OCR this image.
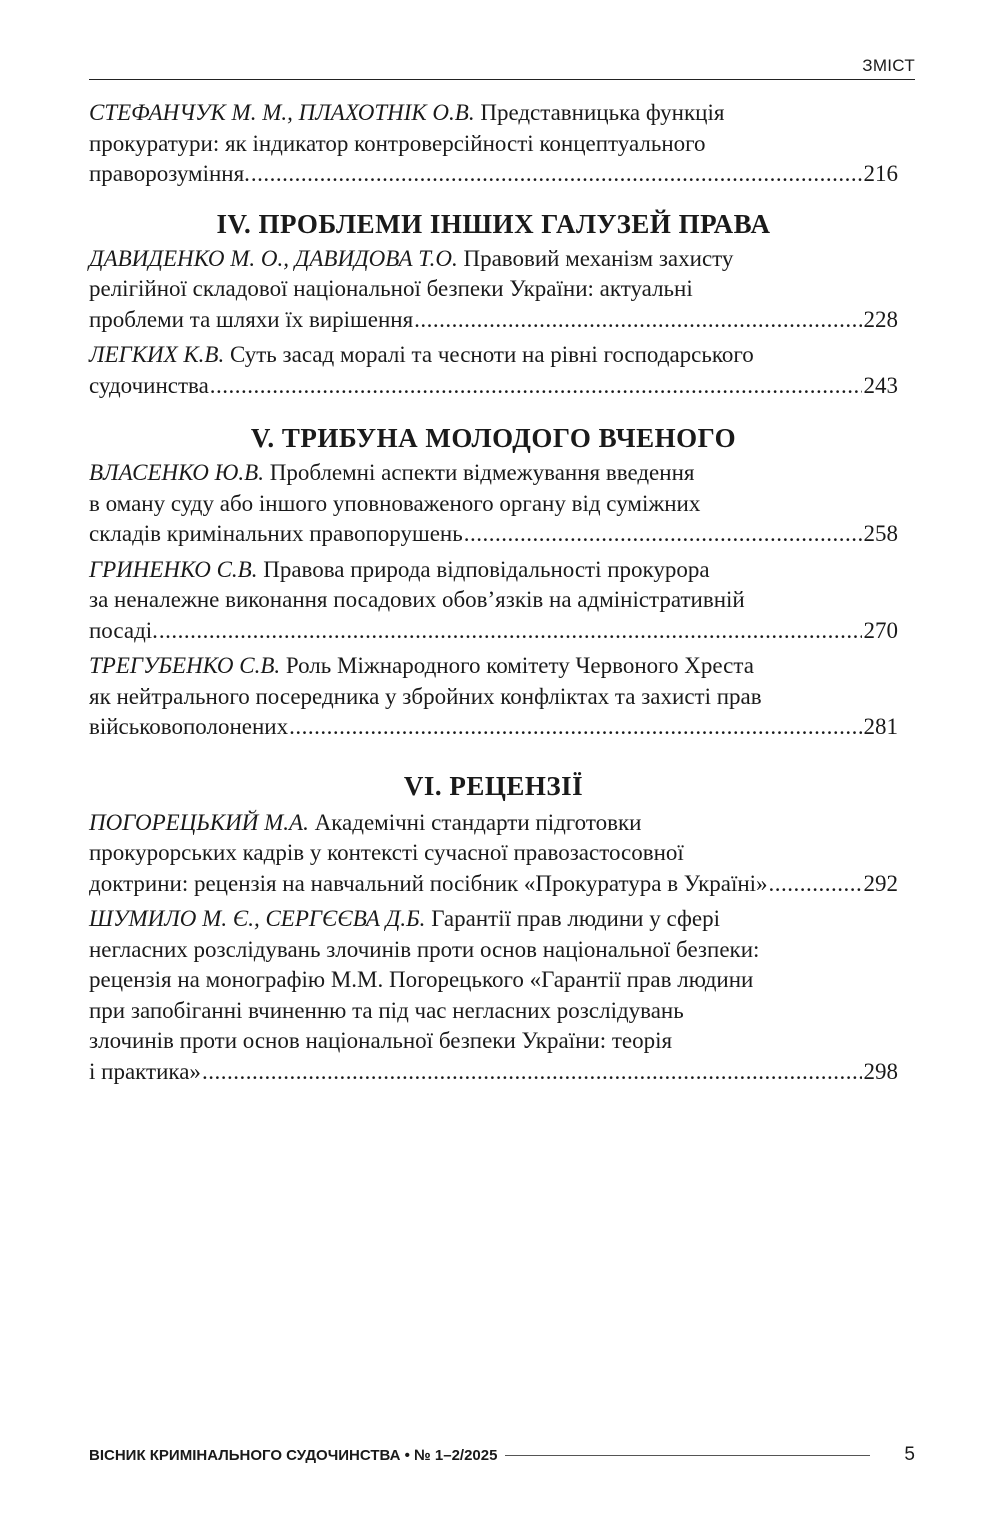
ЗМІСТ
СТЕФАНЧУК М. М., ПЛАХОТНІК О.В. Представницька функція
прокуратури: як індикатор контроверсійності концептуального
праворозуміння. .....	216
IV. ПРОБЛЕМИ ІНШИХ ГАЛУЗЕЙ ПРАВА
ДАВИДЕНКО М. О., ДАВИДОВА Т.О. Правовий механізм захисту
релігійної складової національної безпеки України: актуальні
проблеми та шляхи їх вирішення .....	228
ЛЕГКИХ К.В. Суть засад моралі та чесноти на рівні господарського
судочинства .....	243
V. ТРИБУНА МОЛОДОГО ВЧЕНОГО
ВЛАСЕНКО Ю.В. Проблемні аспекти відмежування введення
в оману суду або іншого уповноваженого органу від суміжних
складів кримінальних правопорушень .....	258
ГРИНЕНКО С.В. Правова природа відповідальності прокурора
за неналежне виконання посадових обов’язків на адміністративній
посаді. .....	270
ТРЕГУБЕНКО С.В. Роль Міжнародного комітету Червоного Хреста
як нейтрального посередника у збройних конфліктах та захисті прав
військовополонених .....	281
VI. РЕЦЕНЗІЇ
ПОГОРЕЦЬКИЙ М.А. Академічні стандарти підготовки
прокурорських кадрів у контексті сучасної правозастосовної
доктрини: рецензія на навчальний посібник «Прокуратура в Україні» .....	292
ШУМИЛО М. Є., СЕРГЄЄВА Д.Б. Гарантії прав людини у сфері
негласних розслідувань злочинів проти основ національної безпеки:
рецензія на монографію М.М. Погорецького «Гарантії прав людини
при запобіганні вчиненню та під час негласних розслідувань
злочинів проти основ національної безпеки України: теорія
і практика» .....	298
ВІСНИК КРИМІНАЛЬНОГО СУДОЧИНСТВА • № 1–2/2025	5
